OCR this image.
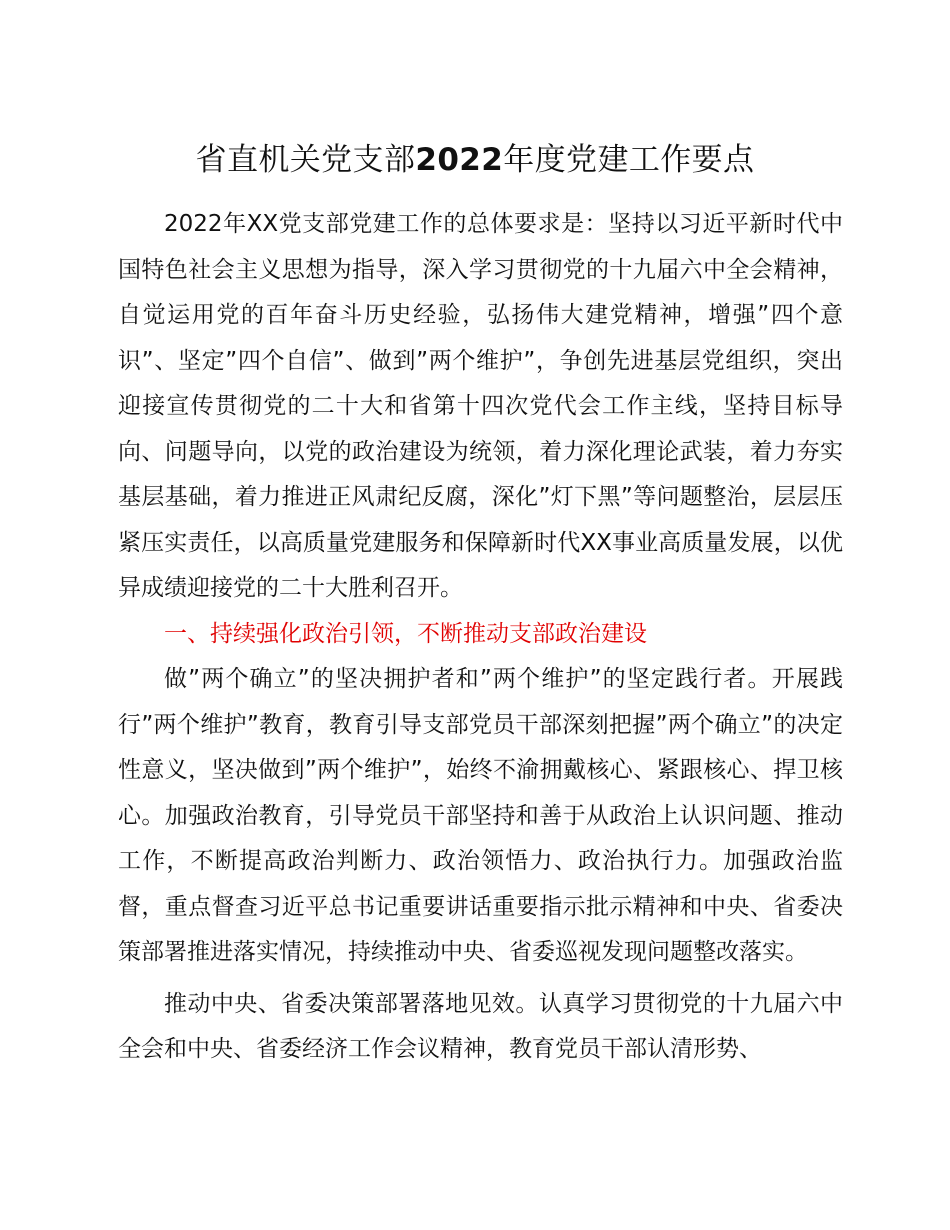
省直机关党支部2022年度党建工作要点

2022年XX党支部党建工作的总体要求是：坚持以习近平新时代中国特色社会主义思想为指导，深入学习贯彻党的十九届六中全会精神，自觉运用党的百年奋斗历史经验，弘扬伟大建党精神，增强”四个意识”、坚定”四个自信”、做到”两个维护”，争创先进基层党组织，突出迎接宣传贯彻党的二十大和省第十四次党代会工作主线，坚持目标导向、问题导向，以党的政治建设为统领，着力深化理论武装，着力夯实基层基础，着力推进正风肃纪反腐，深化”灯下黑”等问题整治，层层压紧压实责任，以高质量党建服务和保障新时代XX事业高质量发展，以优异成绩迎接党的二十大胜利召开。

一、持续强化政治引领，不断推动支部政治建设

做”两个确立”的坚决拥护者和”两个维护”的坚定践行者。开展践行”两个维护”教育，教育引导支部党员干部深刻把握”两个确立”的决定性意义，坚决做到”两个维护”，始终不渝拥戴核心、紧跟核心、捍卫核心。加强政治教育，引导党员干部坚持和善于从政治上认识问题、推动工作，不断提高政治判断力、政治领悟力、政治执行力。加强政治监督，重点督查习近平总书记重要讲话重要指示批示精神和中央、省委决策部署推进落实情况，持续推动中央、省委巡视发现问题整改落实。

推动中央、省委决策部署落地见效。认真学习贯彻党的十九届六中全会和中央、省委经济工作会议精神，教育党员干部认清形势、
